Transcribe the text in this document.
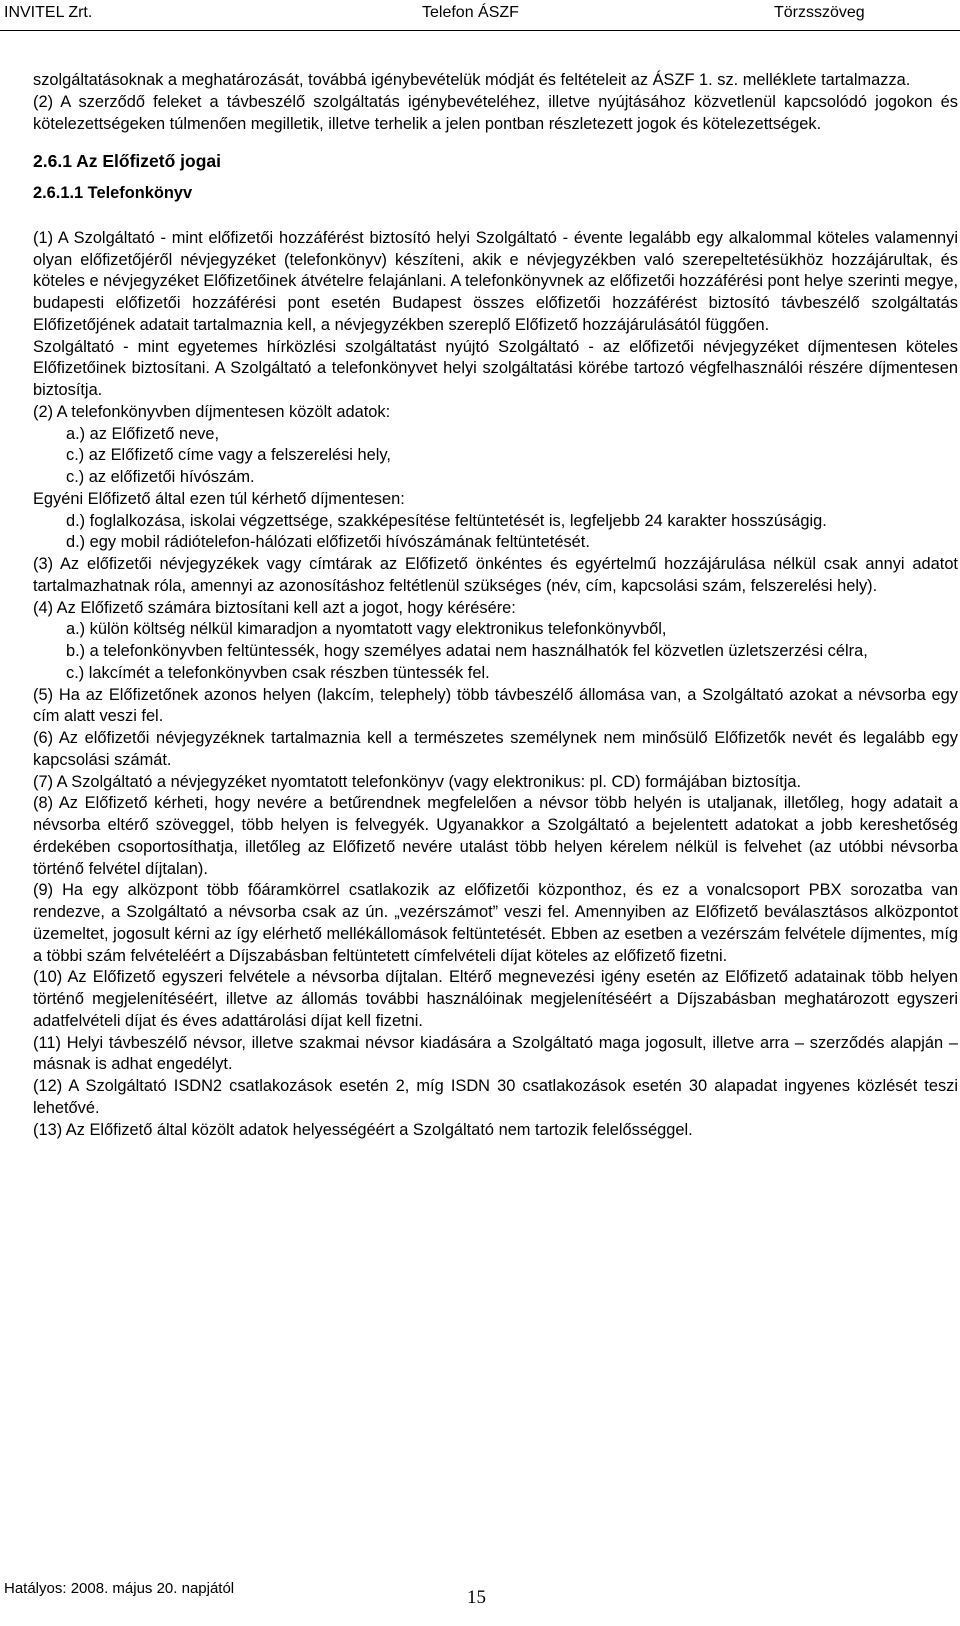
INVITEL Zrt.	Telefon ÁSZF	Törzsszöveg

szolgáltatásoknak a meghatározását, továbbá igénybevételük módját és feltételeit az ÁSZF 1. sz. melléklete tartalmazza.

(2) A szerződő feleket a távbeszélő szolgáltatás igénybevételéhez, illetve nyújtásához közvetlenül kapcsolódó jogokon és kötelezettségeken túlmenően megilletik, illetve terhelik a jelen pontban részletezett jogok és kötelezettségek.

2.6.1 Az Előfizető jogai

2.6.1.1 Telefonkönyv

(1) A Szolgáltató - mint előfizetői hozzáférést biztosító helyi Szolgáltató - évente legalább egy alkalommal köteles valamennyi olyan előfizetőjéről névjegyzéket (telefonkönyv) készíteni, akik e névjegyzékben való szerepeltetésükhöz hozzájárultak, és köteles e névjegyzéket Előfizetőinek átvételre felajánlani. A telefonkönyvnek az előfizetői hozzáférési pont helye szerinti megye, budapesti előfizetői hozzáférési pont esetén Budapest összes előfizetői hozzáférést biztosító távbeszélő szolgáltatás Előfizetőjének adatait tartalmaznia kell, a névjegyzékben szereplő Előfizető hozzájárulásától függően.

Szolgáltató - mint egyetemes hírközlési szolgáltatást nyújtó Szolgáltató - az előfizetői névjegyzéket díjmentesen köteles Előfizetőinek biztosítani. A Szolgáltató a telefonkönyvet helyi szolgáltatási körébe tartozó végfelhasználói részére díjmentesen biztosítja.

(2) A telefonkönyvben díjmentesen közölt adatok:

a.) az Előfizető neve,

c.) az Előfizető címe vagy a felszerelési hely,

c.) az előfizetői hívószám.

Egyéni Előfizető által ezen túl kérhető díjmentesen:

d.) foglalkozása, iskolai végzettsége, szakképesítése feltüntetését is, legfeljebb 24 karakter hosszúságig.

d.) egy mobil rádiótelefon-hálózati előfizetői hívószámának feltüntetését.

(3) Az előfizetői névjegyzékek vagy címtárak az Előfizető önkéntes és egyértelmű hozzájárulása nélkül csak annyi adatot tartalmazhatnak róla, amennyi az azonosításhoz feltétlenül szükséges (név, cím, kapcsolási szám, felszerelési hely).

(4) Az Előfizető számára biztosítani kell azt a jogot, hogy kérésére:

a.) külön költség nélkül kimaradjon a nyomtatott vagy elektronikus telefonkönyvből,

b.) a telefonkönyvben feltüntessék, hogy személyes adatai nem használhatók fel közvetlen üzletszerzési célra,

c.) lakcímét a telefonkönyvben csak részben tüntessék fel.

(5) Ha az Előfizetőnek azonos helyen (lakcím, telephely) több távbeszélő állomása van, a Szolgáltató azokat a névsorba egy cím alatt veszi fel.

(6) Az előfizetői névjegyzéknek tartalmaznia kell a természetes személynek nem minősülő Előfizetők nevét és legalább egy kapcsolási számát.

(7) A Szolgáltató a névjegyzéket nyomtatott telefonkönyv (vagy elektronikus: pl. CD) formájában biztosítja.

(8) Az Előfizető kérheti, hogy nevére a betűrendnek megfelelően a névsor több helyén is utaljanak, illetőleg, hogy adatait a névsorba eltérő szöveggel, több helyen is felvegyék. Ugyanakkor a Szolgáltató a bejelentett adatokat a jobb kereshetőség érdekében csoportosíthatja, illetőleg az Előfizető nevére utalást több helyen kérelem nélkül is felvehet (az utóbbi névsorba történő felvétel díjtalan).

(9) Ha egy alközpont több főáramkörrel csatlakozik az előfizetői központhoz, és ez a vonalcsoport PBX sorozatba van rendezve, a Szolgáltató a névsorba csak az ún. „vezérszámot” veszi fel. Amennyiben az Előfizető beválasztásos alközpontot üzemeltet, jogosult kérni az így elérhető mellékállomások feltüntetését. Ebben az esetben a vezérszám felvétele díjmentes, míg a többi szám felvételéért a Díjszabásban feltüntetett címfelvételi díjat köteles az előfizető fizetni.

(10) Az Előfizető egyszeri felvétele a névsorba díjtalan. Eltérő megnevezési igény esetén az Előfizető adatainak több helyen történő megjelenítéséért, illetve az állomás további használóinak megjelenítéséért a Díjszabásban meghatározott egyszeri adatfelvételi díjat és éves adattárolási díjat kell fizetni.

(11) Helyi távbeszélő névsor, illetve szakmai névsor kiadására a Szolgáltató maga jogosult, illetve arra – szerződés alapján – másnak is adhat engedélyt.

(12) A Szolgáltató ISDN2 csatlakozások esetén 2, míg ISDN 30 csatlakozások esetén 30 alapadat ingyenes közlését teszi lehetővé.

(13) Az Előfizető által közölt adatok helyességéért a Szolgáltató nem tartozik felelősséggel.

Hatályos: 2008. május 20. napjától	15
